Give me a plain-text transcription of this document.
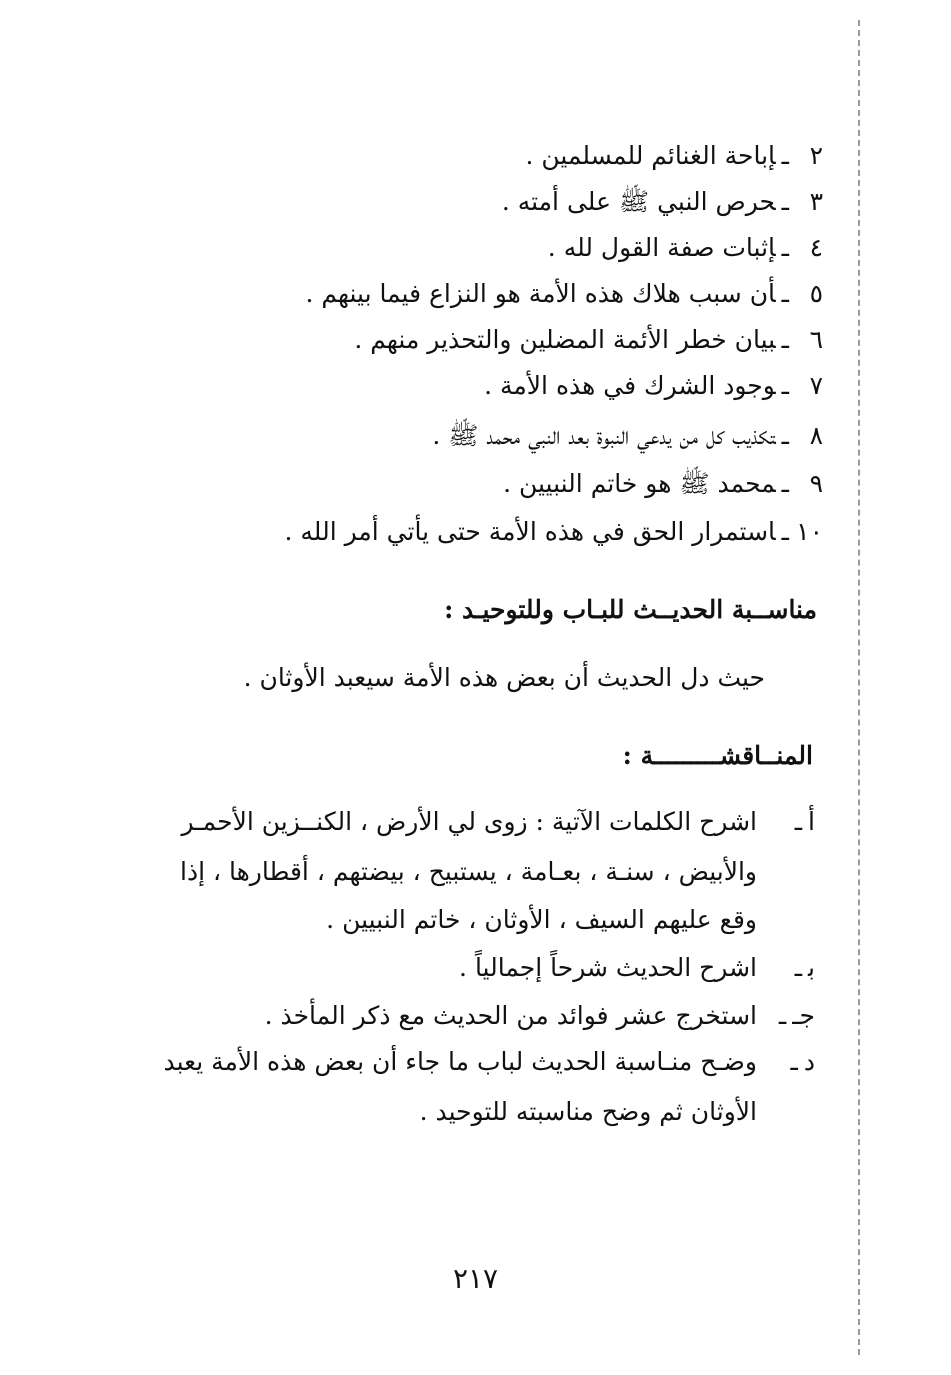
٢ـإباحة الغنائم للمسلمين .
٣ـحرص النبي ﷺ على أمته .
٤ـإثبات صفة القول لله .
٥ـأن سبب هلاك هذه الأمة هو النزاع فيما بينهم .
٦ـبيان خطر الأئمة المضلين والتحذير منهم .
٧ـوجود الشرك في هذه الأمة .
٨ـتكذيب كل من يدعي النبوة بعد النبي محمد ﷺ .
٩ـمحمد ﷺ هو خاتم النبيين .
١٠ـاستمرار الحق في هذه الأمة حتى يأتي أمر الله .
مناســبة الحديــث للبـاب وللتوحيـد :
حيث دل الحديث أن بعض هذه الأمة سيعبد الأوثان .
المنــاقشـــــــــة :
أـ
اشرح الكلمات الآتية : زوى لي الأرض ، الكنــزين الأحمـر
والأبيض ، سنـة ، بعـامة ، يستبيح ، بيضتهم ، أقطارها ، إذا
وقع عليهم السيف ، الأوثان ، خاتم النبيين .
بـ
اشرح الحديث شرحاً إجمالياً .
جــ
استخرج عشر فوائد من الحديث مع ذكر المأخذ .
دـ
وضـح منـاسبة الحديث لباب ما جاء أن بعض هذه الأمة يعبد
الأوثان ثم وضح مناسبته للتوحيد .
٢١٧
